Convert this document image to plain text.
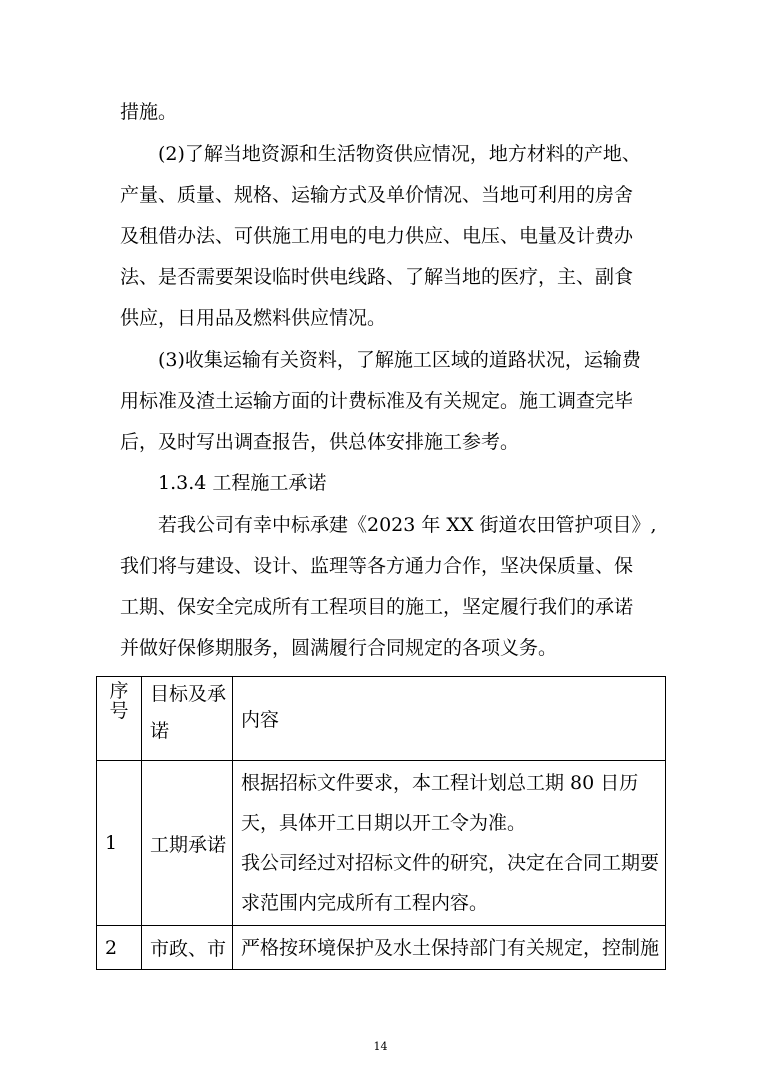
措施。
(2)了解当地资源和生活物资供应情况，地方材料的产地、
产量、质量、规格、运输方式及单价情况、当地可利用的房舍
及租借办法、可供施工用电的电力供应、电压、电量及计费办
法、是否需要架设临时供电线路、了解当地的医疗，主、副食
供应，日用品及燃料供应情况。
(3)收集运输有关资料，了解施工区域的道路状况，运输费
用标准及渣土运输方面的计费标准及有关规定。施工调查完毕
后，及时写出调查报告，供总体安排施工参考。
1.3.4 工程施工承诺
若我公司有幸中标承建《2023 年 XX 街道农田管护项目》,
我们将与建设、设计、监理等各方通力合作，坚决保质量、保
工期、保安全完成所有工程项目的施工，坚定履行我们的承诺
并做好保修期服务，圆满履行合同规定的各项义务。
序
号	目标及承
诺	内容
1	工期承诺	根据招标文件要求，本工程计划总工期 80 日历
天，具体开工日期以开工令为准。
我公司经过对招标文件的研究，决定在合同工期要
求范围内完成所有工程内容。

2	市政、市	严格按环境保护及水土保持部门有关规定，控制施
14
